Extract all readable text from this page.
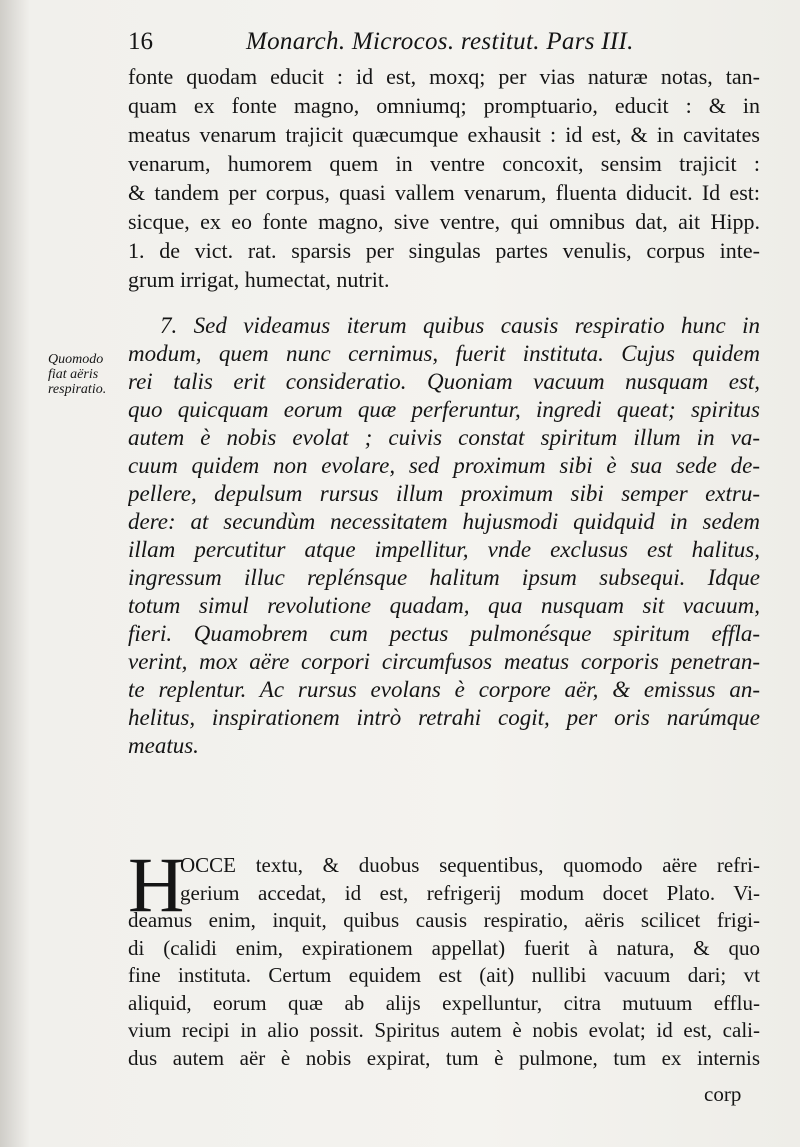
16	Monarch. Microcos. restitut. Pars III.
fonte quodam educit : id est, moxq; per vias naturæ notas, tan-
quam ex fonte magno, omniumq; promptuario, educit : & in
meatus venarum trajicit quæcumque exhausit : id est, & in cavitates
venarum, humorem quem in ventre concoxit, sensim trajicit :
& tandem per corpus, quasi vallem venarum, fluenta diducit. Id est:
sicque, ex eo fonte magno, sive ventre, qui omnibus dat, ait Hipp.
1. de vict. rat. sparsis per singulas partes venulis, corpus inte-
grum irrigat, humectat, nutrit.
Quomodo
fiat aëris
respiratio.
7. Sed videamus iterum quibus causis respiratio hunc in
modum, quem nunc cernimus, fuerit instituta. Cujus quidem
rei talis erit consideratio. Quoniam vacuum nusquam est,
quo quicquam eorum quæ perferuntur, ingredi queat; spiritus
autem è nobis evolat ; cuivis constat spiritum illum in va-
cuum quidem non evolare, sed proximum sibi è sua sede de-
pellere, depulsum rursus illum proximum sibi semper extru-
dere: at secundùm necessitatem hujusmodi quidquid in sedem
illam percutitur atque impellitur, vnde exclusus est halitus,
ingressum illuc replénsque halitum ipsum subsequi. Idque
totum simul revolutione quadam, qua nusquam sit vacuum,
fieri. Quamobrem cum pectus pulmonésque spiritum effla-
verint, mox aëre corpori circumfusos meatus corporis penetran-
te replentur. Ac rursus evolans è corpore aër, & emissus an-
helitus, inspirationem intrò retrahi cogit, per oris narúmque
meatus.
H
OCCE textu, & duobus sequentibus, quomodo aëre refri-
gerium accedat, id est, refrigerij modum docet Plato. Vi-
deamus enim, inquit, quibus causis respiratio, aëris scilicet frigi-
di (calidi enim, expirationem appellat) fuerit à natura, & quo
fine instituta. Certum equidem est (ait) nullibi vacuum dari; vt
aliquid, eorum quæ ab alijs expelluntur, citra mutuum efflu-
vium recipi in alio possit. Spiritus autem è nobis evolat; id est, cali-
dus autem aër è nobis expirat, tum è pulmone, tum ex internis
corp
